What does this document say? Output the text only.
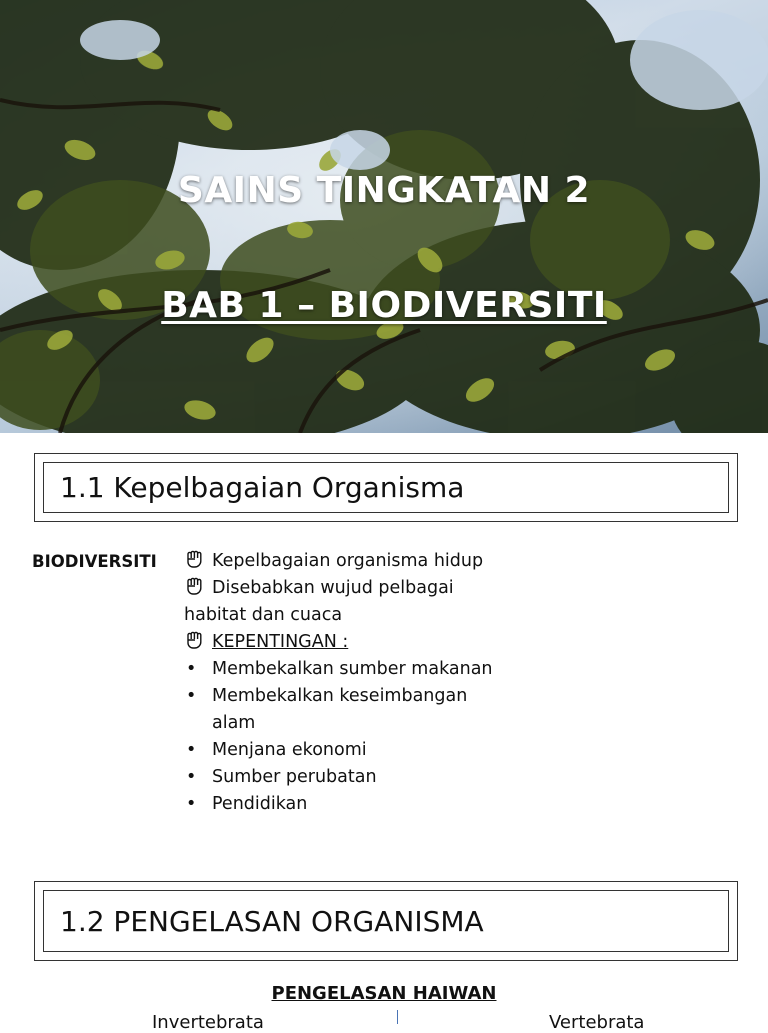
SAINS TINGKATAN 2
BAB 1 – BIODIVERSITI
1.1 Kepelbagaian Organisma
BIODIVERSITI	Kepelbagaian organisma hidup
Disebabkan wujud pelbagai habitat dan cuaca
KEPENTINGAN :
• Membekalkan sumber makanan
• Membekalkan keseimbangan alam
• Menjana ekonomi
• Sumber perubatan
• Pendidikan
1.2 PENGELASAN ORGANISMA
PENGELASAN HAIWAN
Invertebrata	Vertebrata
